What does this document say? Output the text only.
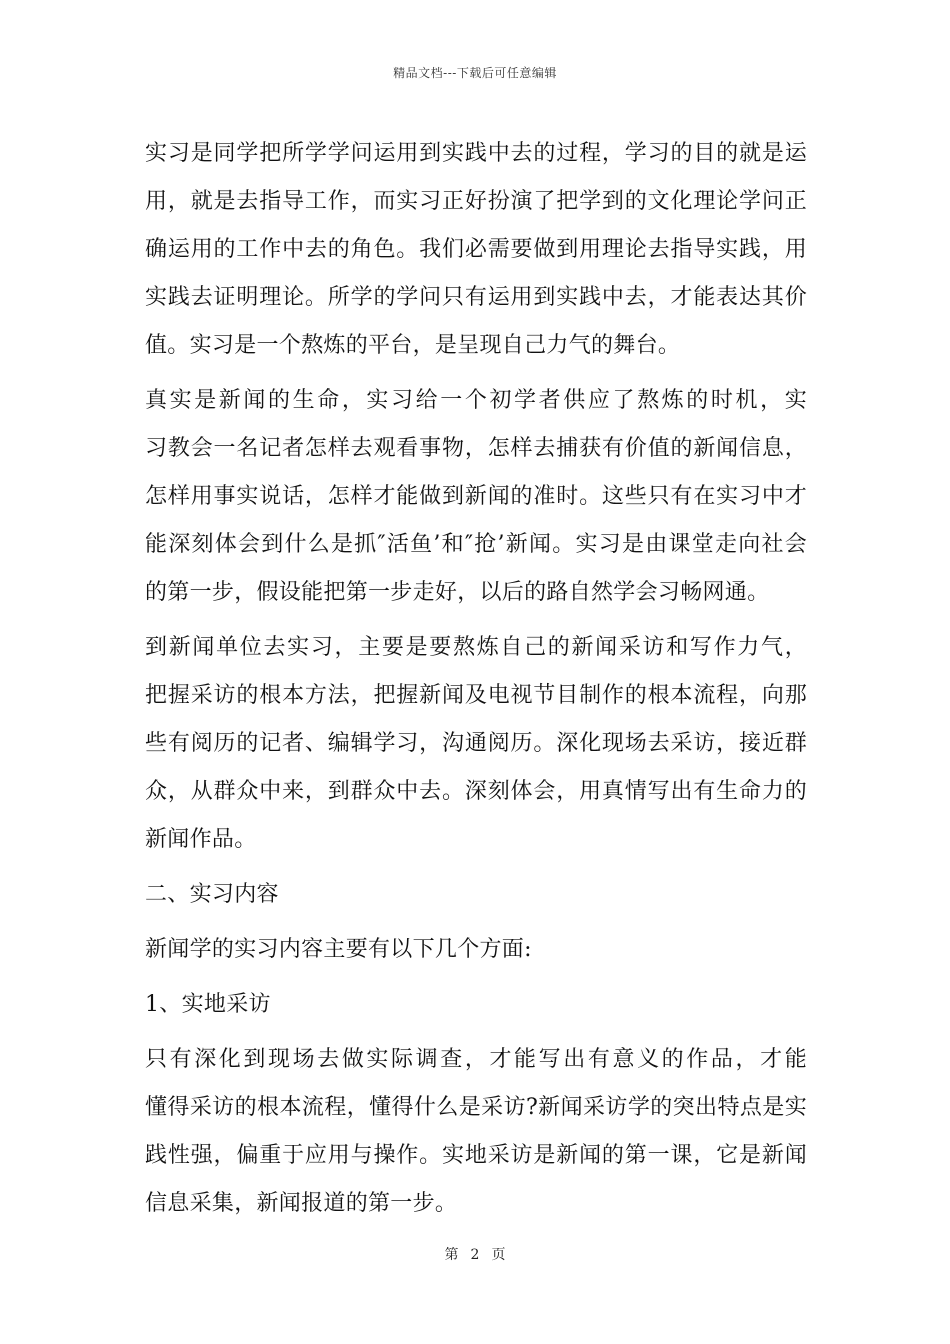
精品文档---下载后可任意编辑
实习是同学把所学学问运用到实践中去的过程，学习的目的就是运
用，就是去指导工作，而实习正好扮演了把学到的文化理论学问正
确运用的工作中去的角色。我们必需要做到用理论去指导实践，用
实践去证明理论。所学的学问只有运用到实践中去，才能表达其价
值。实习是一个熬炼的平台，是呈现自己力气的舞台。
真实是新闻的生命，实习给一个初学者供应了熬炼的时机，实
习教会一名记者怎样去观看事物，怎样去捕获有价值的新闻信息，
怎样用事实说话，怎样才能做到新闻的准时。这些只有在实习中才
能深刻体会到什么是抓″活鱼’和″抢’新闻。实习是由课堂走向社会
的第一步，假设能把第一步走好，以后的路自然学会习畅网通。
到新闻单位去实习，主要是要熬炼自己的新闻采访和写作力气，
把握采访的根本方法，把握新闻及电视节目制作的根本流程，向那
些有阅历的记者、编辑学习，沟通阅历。深化现场去采访，接近群
众，从群众中来，到群众中去。深刻体会，用真情写出有生命力的
新闻作品。
二、实习内容
新闻学的实习内容主要有以下几个方面:
1、实地采访
只有深化到现场去做实际调查，才能写出有意义的作品，才能
懂得采访的根本流程，懂得什么是采访?新闻采访学的突出特点是实
践性强，偏重于应用与操作。实地采访是新闻的第一课，它是新闻
信息采集，新闻报道的第一步。
第 2 页
